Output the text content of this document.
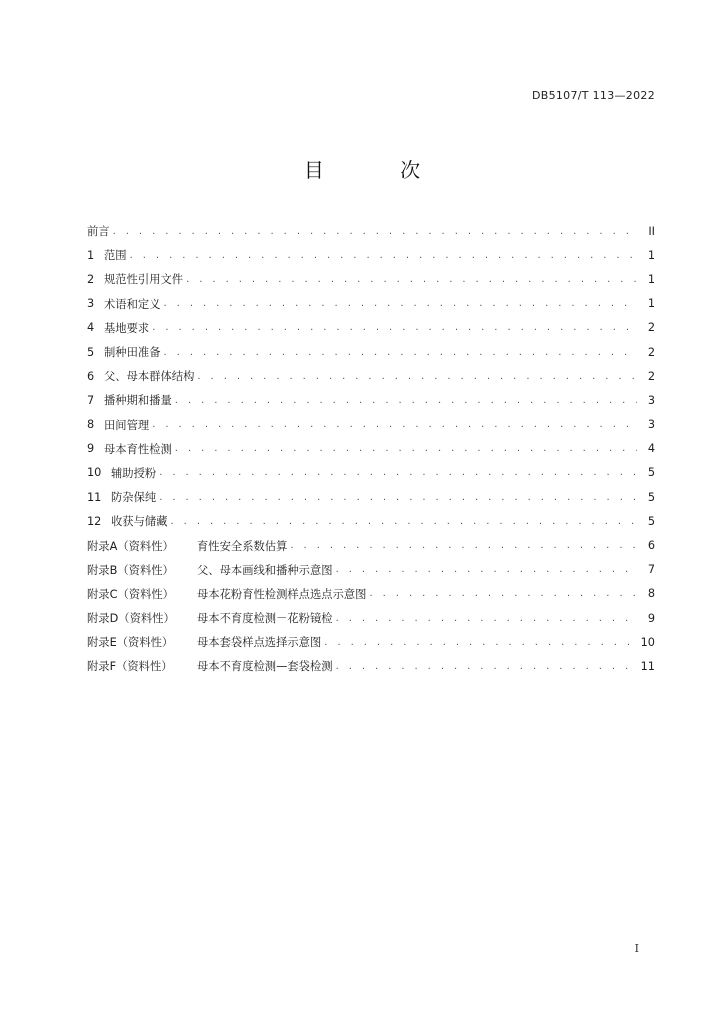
DB5107/T 113—2022
目 次
前言 . . .	II
1 范围 . . .	1
2 规范性引用文件 . . .	1
3 术语和定义 . . .	1
4 基地要求 . . .	2
5 制种田准备 . . .	2
6 父、母本群体结构 . . .	2
7 播种期和播量 . . .	3
8 田间管理 . . .	3
9 母本育性检测 . . .	4
10 辅助授粉 . . .	5
11 防杂保纯 . . .	5
12 收获与储藏 . . .	5
附录A（资料性）	育性安全系数估算 . . .	6
附录B（资料性）	父、母本画线和播种示意图 . . .	7
附录C（资料性）	母本花粉育性检测样点选点示意图 . . .	8
附录D（资料性）	母本不育度检测－花粉镜检 . . .	9
附录E（资料性）	母本套袋样点选择示意图 . . .	10
附录F（资料性）	母本不育度检测—套袋检测 . . .	11
I
